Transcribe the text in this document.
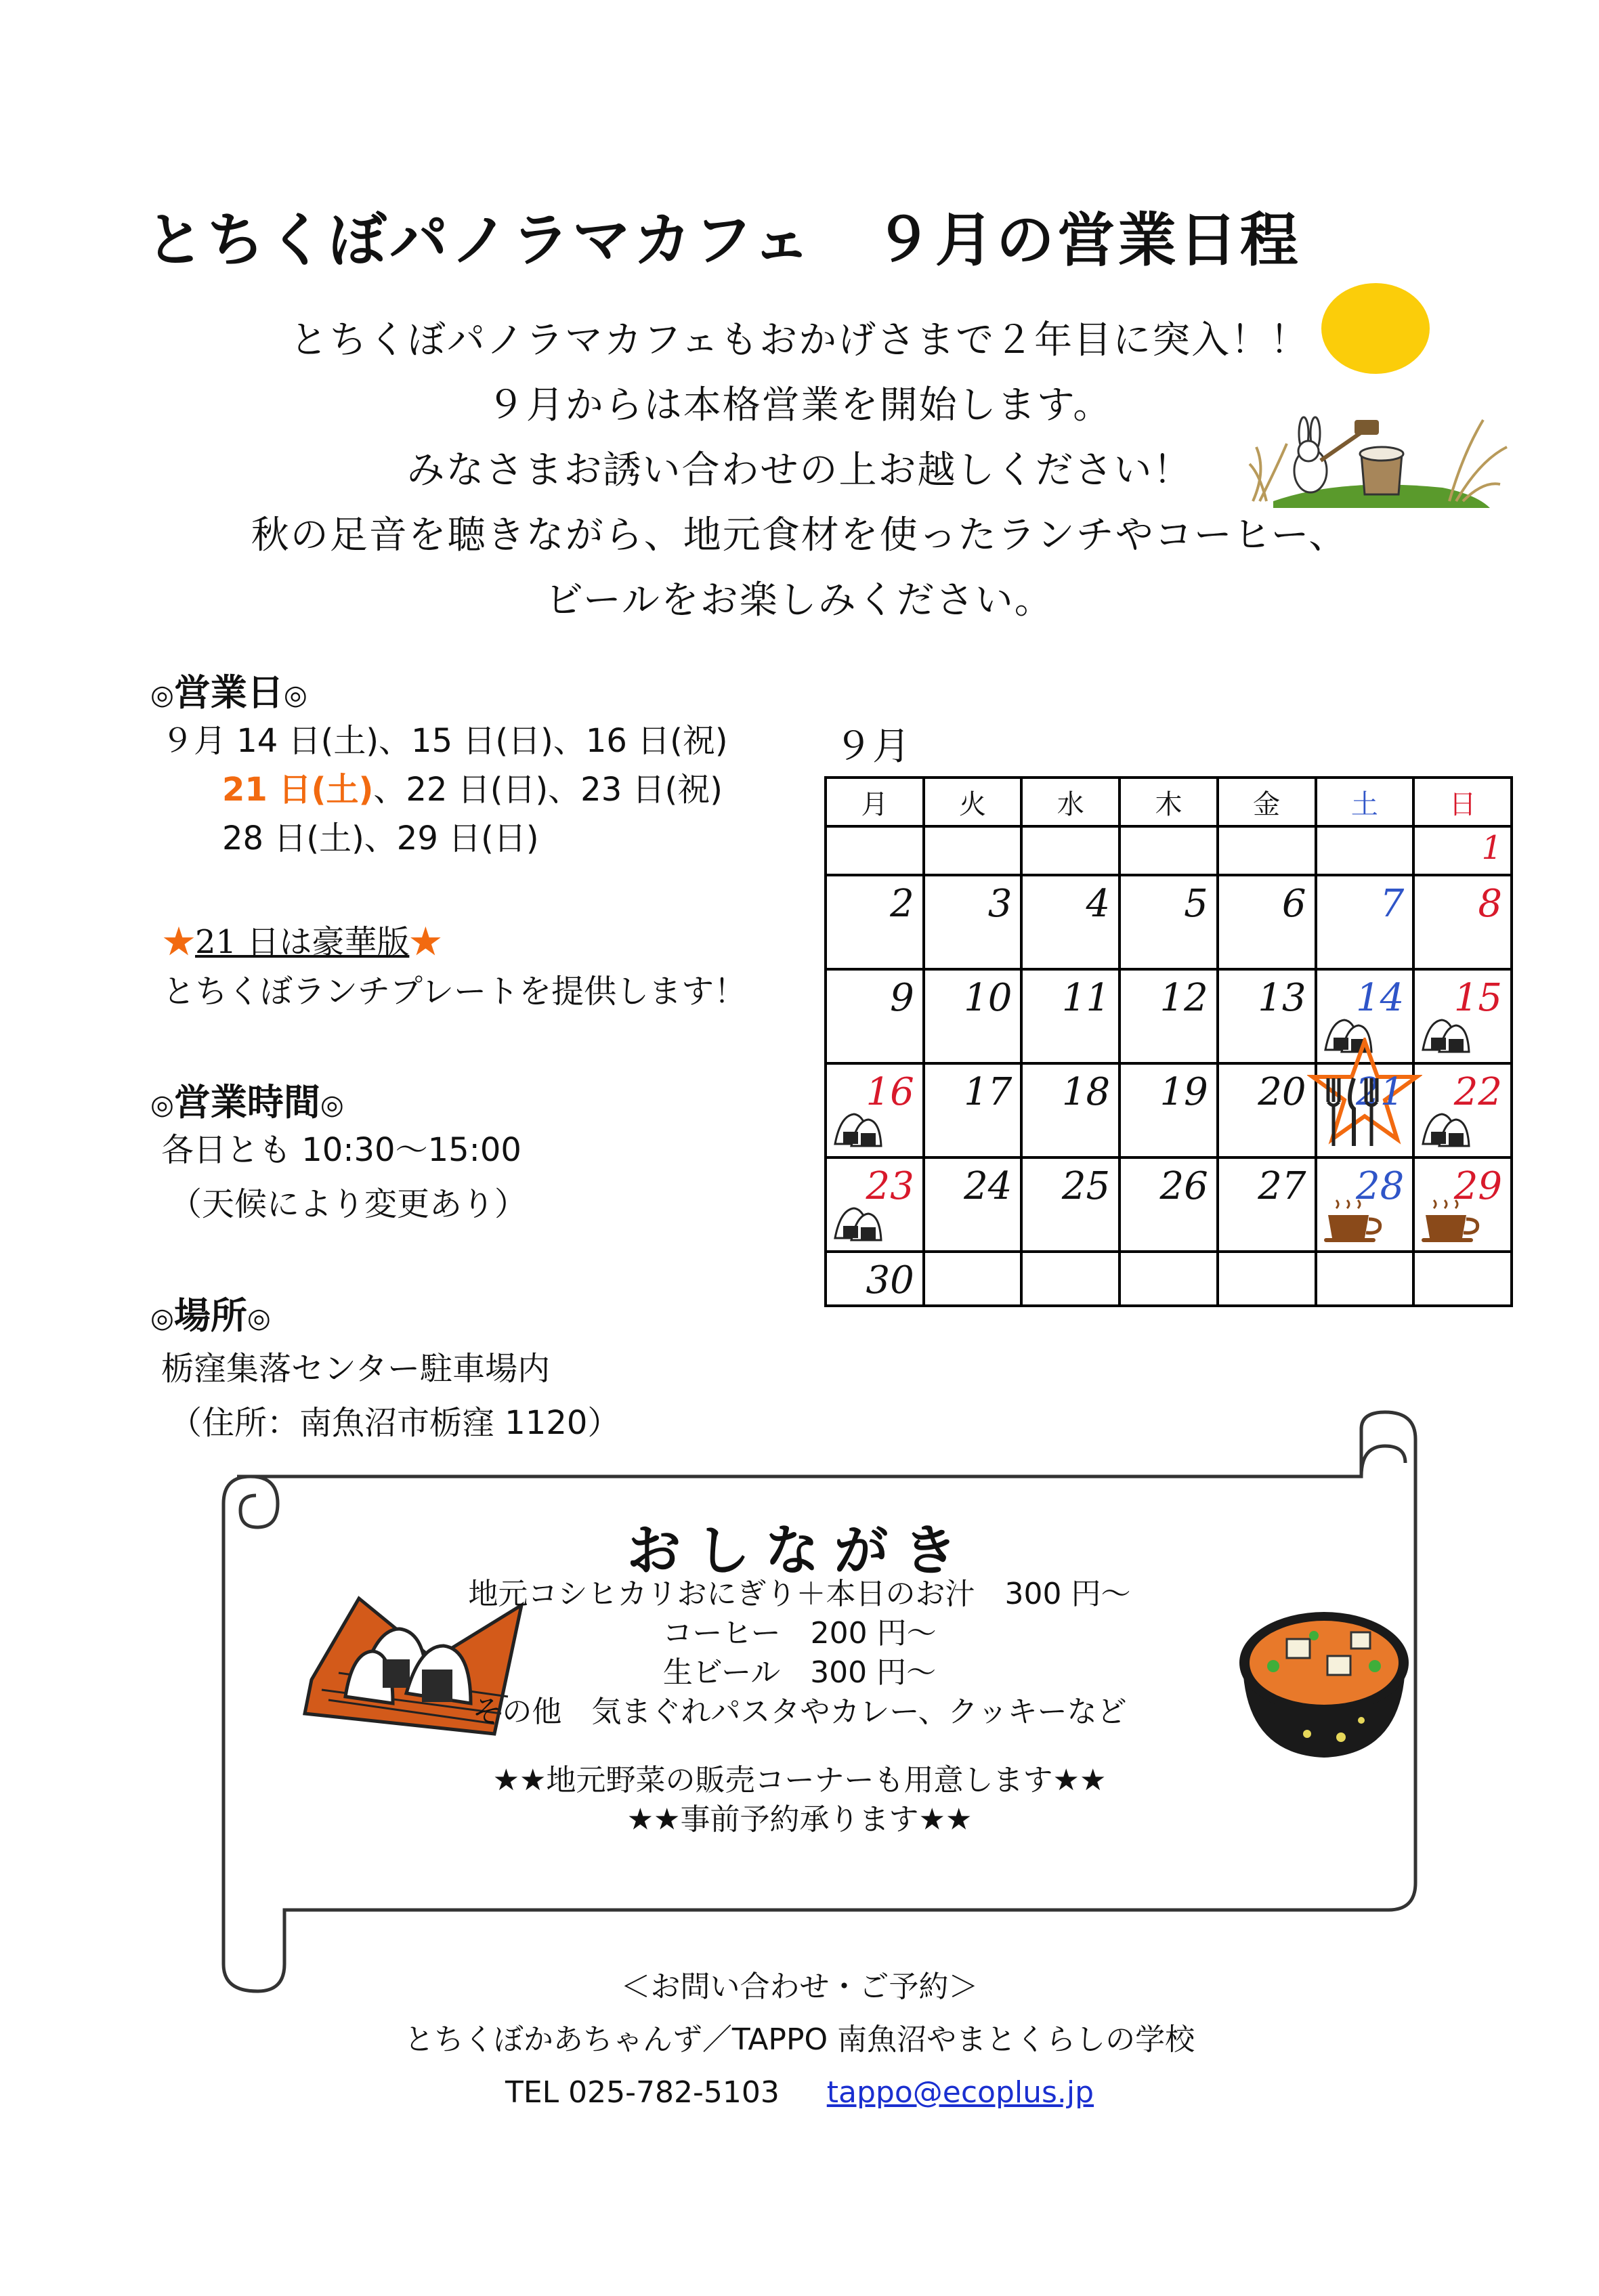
とちくぼパノラマカフェ　９月の営業日程
とちくぼパノラマカフェもおかげさまで２年目に突入！！
９月からは本格営業を開始します。
みなさまお誘い合わせの上お越しください！
秋の足音を聴きながら、地元食材を使ったランチやコーヒー、
ビールをお楽しみください。
◎営業日◎
９月 14 日(土)、15 日(日)、16 日(祝)
21 日(土)、22 日(日)、23 日(祝)
28 日(土)、29 日(日)
★21 日は豪華版★
とちくぼランチプレートを提供します！
◎営業時間◎
各日とも 10:30～15:00
（天候により変更あり）
◎場所◎
栃窪集落センター駐車場内
（住所：南魚沼市栃窪 1120）
９月
月	火	水	木	金	土	日

						1

2	3	4	5	6	7	8

9	10	11	12	13	14	15

16	17	18	19	20	21	22

23	24	25	26	27	28	29

30						

おしながき
地元コシヒカリおにぎり＋本日のお汁　300 円～
コーヒー　200 円～
生ビール　300 円～
その他　気まぐれパスタやカレー、クッキーなど
★★地元野菜の販売コーナーも用意します★★
★★事前予約承ります★★
＜お問い合わせ・ご予約＞
とちくぼかあちゃんず／TAPPO 南魚沼やまとくらしの学校
TEL 025-782-5103 tappo@ecoplus.jp
